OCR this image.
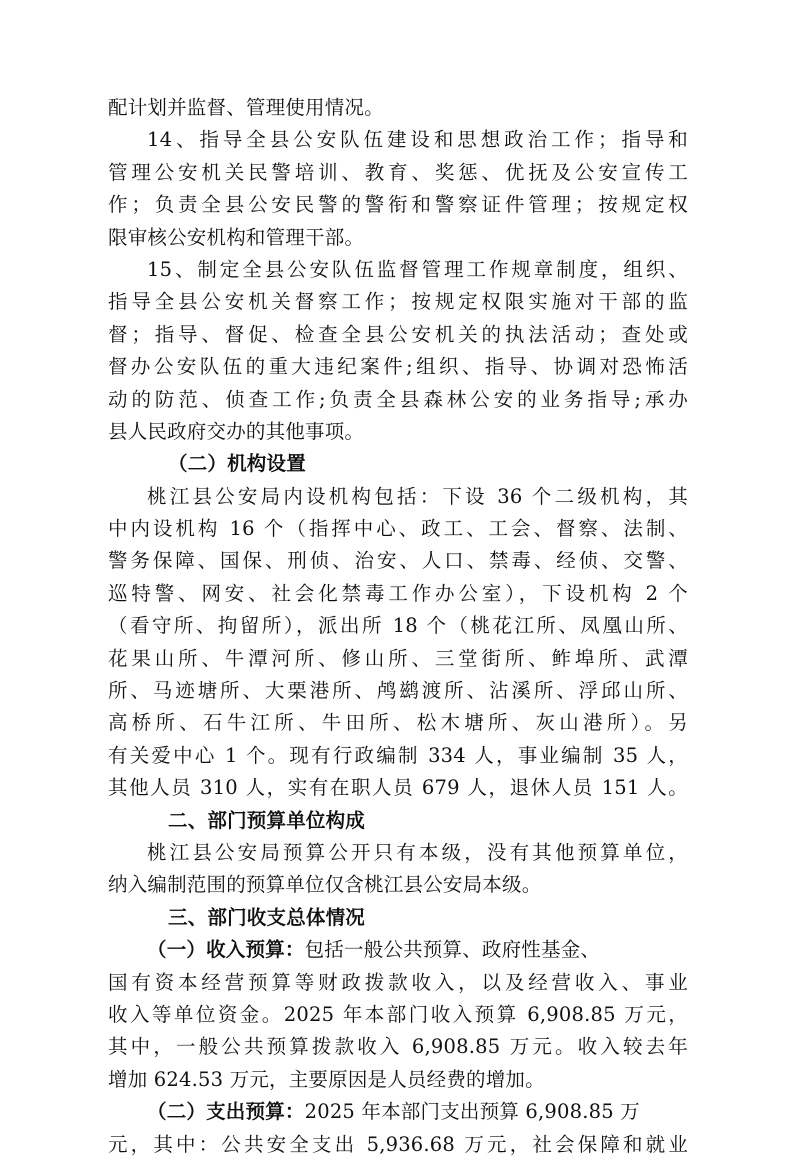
配计划并监督、管理使用情况。
14、指导全县公安队伍建设和思想政治工作；指导和
管理公安机关民警培训、教育、奖惩、优抚及公安宣传工
作；负责全县公安民警的警衔和警察证件管理；按规定权
限审核公安机构和管理干部。
15、制定全县公安队伍监督管理工作规章制度，组织、
指导全县公安机关督察工作；按规定权限实施对干部的监
督；指导、督促、检查全县公安机关的执法活动；查处或
督办公安队伍的重大违纪案件;组织、指导、协调对恐怖活
动的防范、侦查工作;负责全县森林公安的业务指导;承办
县人民政府交办的其他事项。
（二）机构设置
桃江县公安局内设机构包括：下设 36 个二级机构，其
中内设机构 16 个（指挥中心、政工、工会、督察、法制、
警务保障、国保、刑侦、治安、人口、禁毒、经侦、交警、
巡特警、网安、社会化禁毒工作办公室），下设机构 2 个
（看守所、拘留所），派出所 18 个（桃花江所、凤凰山所、
花果山所、牛潭河所、修山所、三堂街所、鲊埠所、武潭
所、马迹塘所、大栗港所、鸬鹚渡所、沾溪所、浮邱山所、
高桥所、石牛江所、牛田所、松木塘所、灰山港所）。另
有关爱中心 1 个。现有行政编制 334 人，事业编制 35 人，
其他人员 310 人，实有在职人员 679 人，退休人员 151 人。
二、部门预算单位构成
桃江县公安局预算公开只有本级，没有其他预算单位，
纳入编制范围的预算单位仅含桃江县公安局本级。
三、部门收支总体情况
（一）收入预算：包括一般公共预算、政府性基金、
国有资本经营预算等财政拨款收入，以及经营收入、事业
收入等单位资金。2025 年本部门收入预算 6,908.85 万元，
其中，一般公共预算拨款收入 6,908.85 万元。收入较去年
增加 624.53 万元，主要原因是人员经费的增加。
（二）支出预算：2025 年本部门支出预算 6,908.85 万
元，其中：公共安全支出 5,936.68 万元，社会保障和就业
